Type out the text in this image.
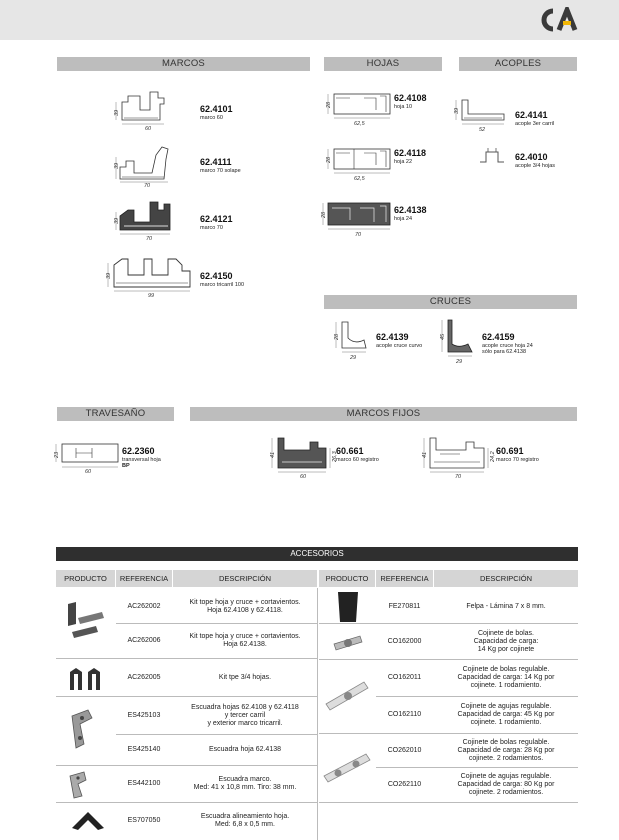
MARCOS	HOJAS	ACOPLES
CRUCES
TRAVESAÑO	MARCOS FIJOS
39
60
62.4101
marco 60
39
70
62.4111
marco 70 solape
39
70
62.4121
marco 70
39
99
62.4150
marco tricarril 100
28
62,5
62.4108
hoja 10
28
62,5
62.4118
hoja 22
28
70
62.4138
hoja 24
39
52
62.4141
acople 3er carril
62.4010
acople 3/4 hojas
28
29
62.4139
acople cruce curvo
45
29
62.4159
acople cruce hoja 24
sólo para 62.4138
23
60
62.2360
transversal hoja
BP
41
60
26,3
60.661
marco 60 registro
41
70
24,2
60.691
marco 70 registro
ACCESORIOS
PRODUCTO	REFERENCIA	DESCRIPCIÓN	PRODUCTO	REFERENCIA	DESCRIPCIÓN
AC262002
Kit tope hoja y cruce + cortavientos.
Hoja 62.4108 y 62.4118.
AC262006
Kit tope hoja y cruce + cortavientos.
Hoja 62.4138.
AC262005	Kit tpe 3/4 hojas.
ES425103
Escuadra hojas 62.4108 y 62.4118
y tercer carril
y exterior marco tricarril.
ES425140	Escuadra hoja 62.4138
ES442100
Escuadra marco.
Med: 41 x 10,8 mm. Tiro: 38 mm.
ES707050
Escuadra alineamiento hoja.
Med: 6,8 x 0,5 mm.
FE270811	Felpa - Lámina 7 x 8 mm.
CO162000
Cojinete de bolas.
Capacidad de carga:
14 Kg por cojinete
CO162011
Cojinete de bolas regulable.
Capacidad de carga: 14 Kg por
cojinete. 1 rodamiento.
CO162110
Cojinete de agujas regulable.
Capacidad de carga: 45 Kg por
cojinete. 1 rodamiento.
CO262010
Cojinete de bolas regulable.
Capacidad de carga: 28 Kg por
cojinete. 2 rodamientos.
CO262110
Cojinete de agujas regulable.
Capacidad de carga: 80 Kg por
cojinete. 2 rodamientos.
